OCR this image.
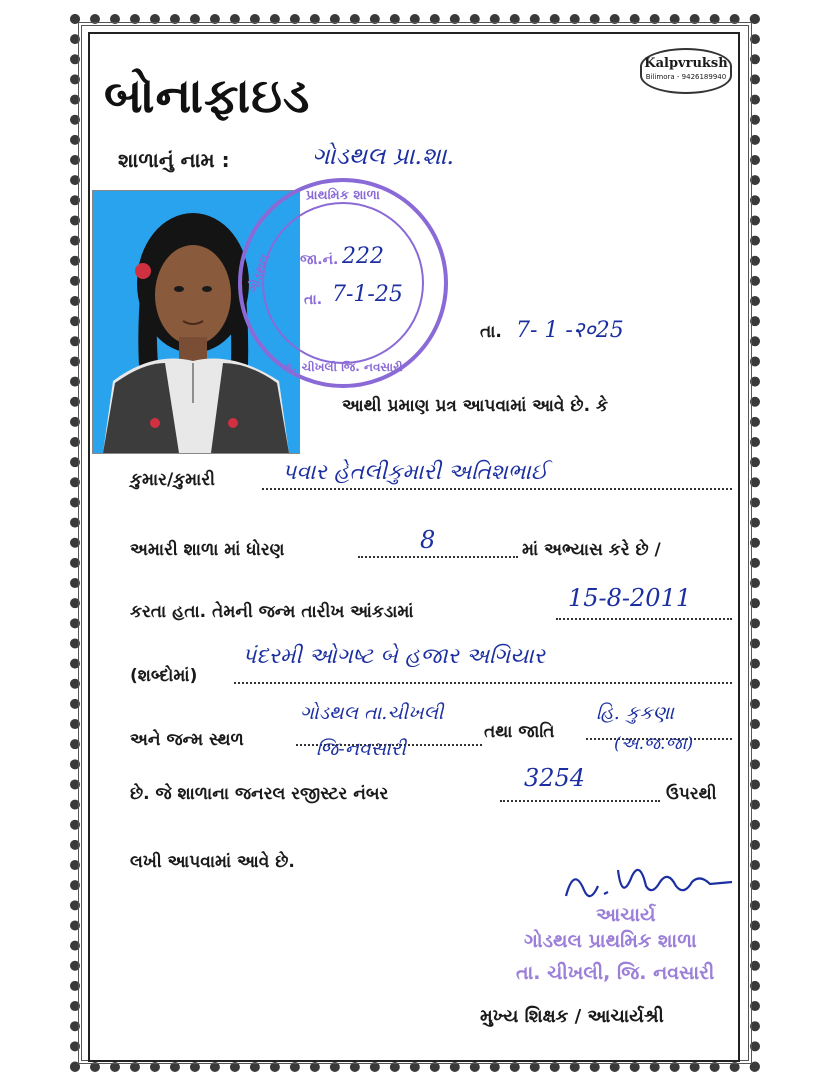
Kalpvruksh
Bilimora - 9426189940
બોનાફાઇડ
શાળાનું નામ :	ગોડથલ પ્રા.શા.
પ્રાથમિક શાળા
ગોડથલ
તા. ચીખલી જિ. નવસારી
જા.નં. 222
તા. 7-1-25
તા. 7- 1 -२०25
આથી પ્રમાણ પ્રત્ર આપવામાં આવે છે. કે
કુમાર/કુમારી	પવાર હેતલીકુમારી અતિશભાઈ
અમારી શાળા માં ધોરણ	8	માં અભ્યાસ કરે છે /
કરતા હતા. તેમની જન્મ તારીખ આંકડામાં	15-8-2011
(શબ્દોમાં)
પંદરમી ઓગષ્ટ બે હજાર અગિયાર
અને જન્મ સ્થળ
ગોડથલ તા.ચીખલી
જિ-નવસારી
તથા જાતિ
હિ. કુકણા
(અ.જ.જા)
છે. જે શાળાના જનરલ રજીસ્ટર નંબર
3254
ઉપરથી
લખી આપવામાં આવે છે.
આચાર્ય
ગોડથલ પ્રાથમિક શાળા
તા. ચીખલી, જિ. નવસારી
મુખ્ય શિક્ષક / આચાર્યશ્રી
